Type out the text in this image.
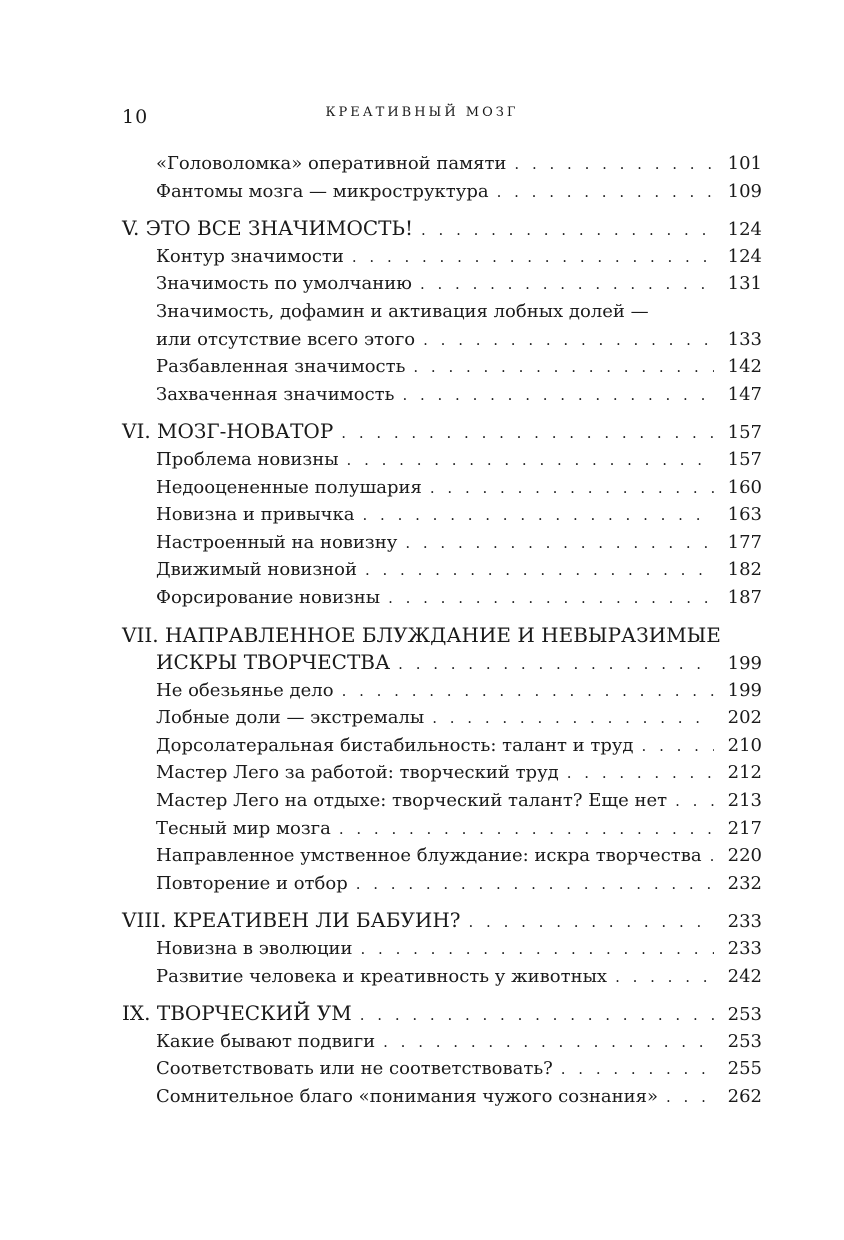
10	КРЕАТИВНЫЙ МОЗГ
«Головоломка» оперативной памяти . . .	101
Фантомы мозга — микроструктура . . .	109
V. ЭТО ВСЕ ЗНАЧИМОСТЬ! . . .	124
Контур значимости . . .	124
Значимость по умолчанию . . .	131
Значимость, дофамин и активация лобных долей —
или отсутствие всего этого . . .	133
Разбавленная значимость . . .	142
Захваченная значимость . . .	147
VI. МОЗГ-НОВАТОР . . .	157
Проблема новизны . . .	157
Недооцененные полушария . . .	160
Новизна и привычка . . .	163
Настроенный на новизну . . .	177
Движимый новизной . . .	182
Форсирование новизны . . .	187
VII. НАПРАВЛЕННОЕ БЛУЖДАНИЕ И НЕВЫРАЗИМЫЕ
ИСКРЫ ТВОРЧЕСТВА . . .	199
Не обезьянье дело . . .	199
Лобные доли — экстремалы . . .	202
Дорсолатеральная бистабильность: талант и труд . . .	210
Мастер Лего за работой: творческий труд . . .	212
Мастер Лего на отдыхе: творческий талант? Еще нет . . .	213
Тесный мир мозга . . .	217
Направленное умственное блуждание: искра творчества . . .	220
Повторение и отбор . . .	232
VIII. КРЕАТИВЕН ЛИ БАБУИН? . . .	233
Новизна в эволюции . . .	233
Развитие человека и креативность у животных . . .	242
IX. ТВОРЧЕСКИЙ УМ . . .	253
Какие бывают подвиги . . .	253
Соответствовать или не соответствовать? . . .	255
Сомнительное благо «понимания чужого сознания» . . .	262
